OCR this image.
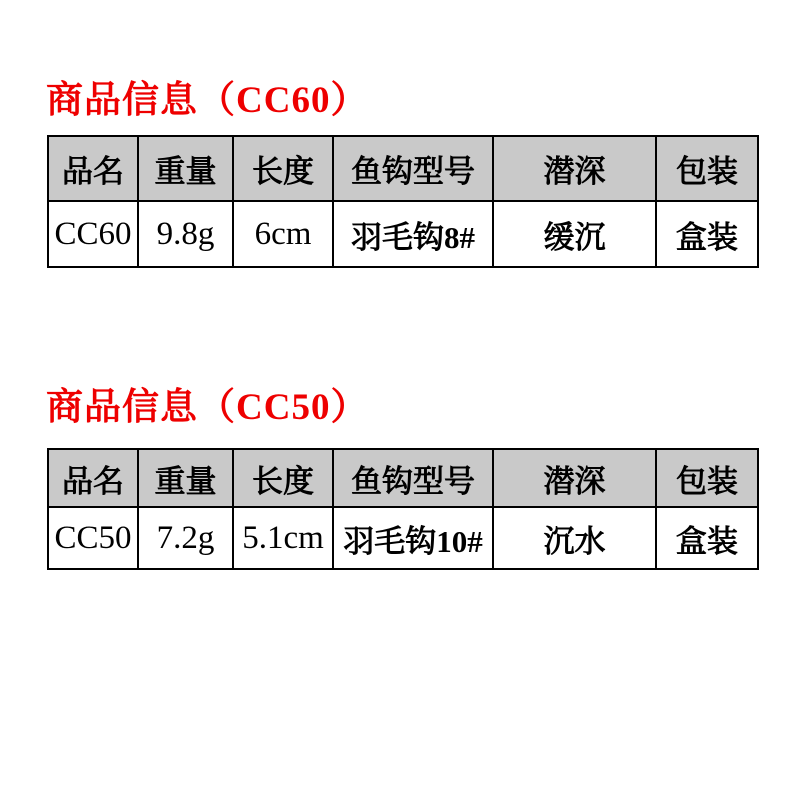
商品信息（CC60）
品名	重量	长度	鱼钩型号	潜深	包装
CC60	9.8g	6cm	羽毛钩8#	缓沉	盒装
商品信息（CC50）
品名	重量	长度	鱼钩型号	潜深	包装
CC50	7.2g	5.1cm	羽毛钩10#	沉水	盒装
